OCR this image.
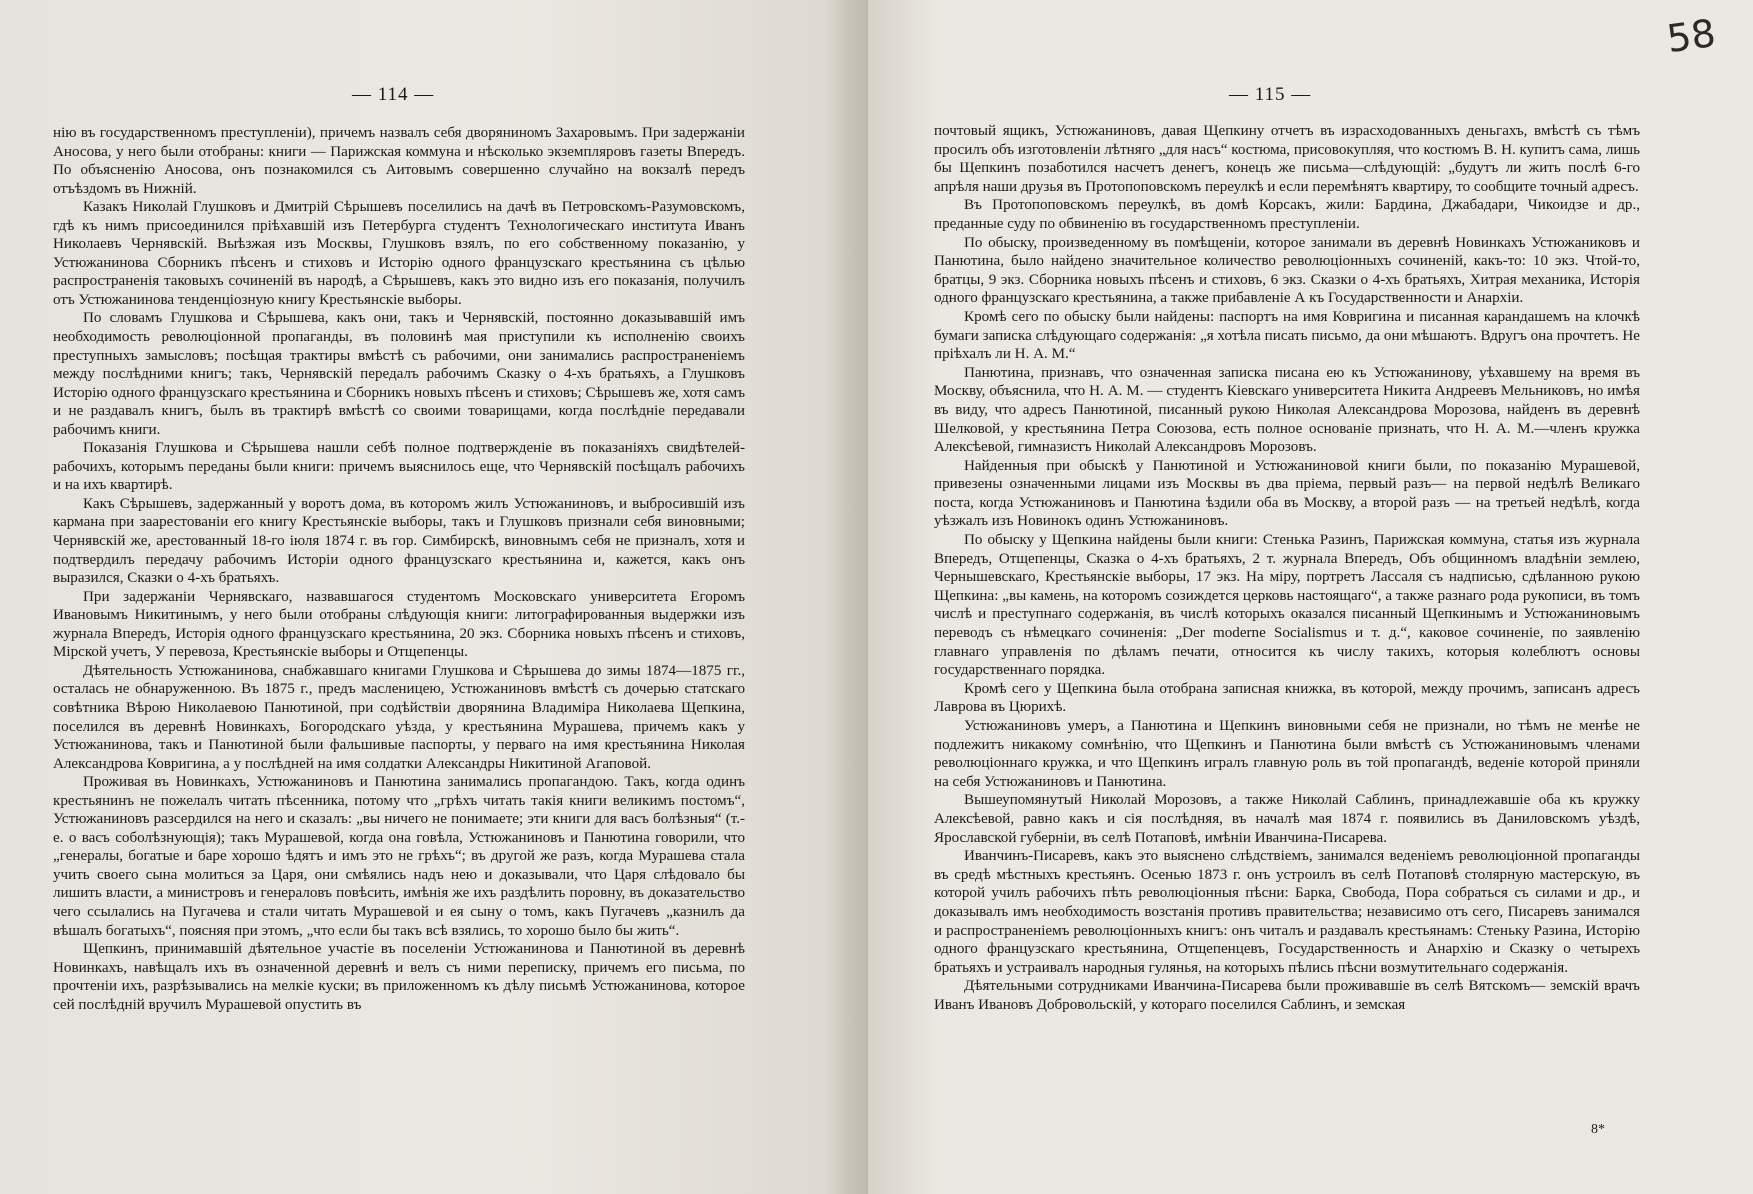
— 114 —

нію въ государственномъ преступленіи), причемъ назвалъ себя дворяниномъ Захаровымъ. При задержаніи Аносова, у него были отобраны: книги — Парижская коммуна и нѣсколько экземпляровъ газеты Впередъ. По объясненію Аносова, онъ познакомился съ Аитовымъ совершенно случайно на вокзалѣ передъ отъѣздомъ въ Нижній.

Казакъ Николай Глушковъ и Дмитрій Сѣрышевъ поселились на дачѣ въ Петровскомъ-Разумовскомъ, гдѣ къ нимъ присоединился пріѣхавшій изъ Петербурга студентъ Технологическаго института Иванъ Николаевъ Чернявскій. Выѣзжая изъ Москвы, Глушковъ взялъ, по его собственному показанію, у Устюжанинова Сборникъ пѣсенъ и стиховъ и Исторію одного французскаго крестьянина съ цѣлью распространенія таковыхъ сочиненій въ народѣ, а Сѣрышевъ, какъ это видно изъ его показанія, получилъ отъ Устюжанинова тенденціозную книгу Крестьянскіе выборы.

По словамъ Глушкова и Сѣрышева, какъ они, такъ и Чернявскій, постоянно доказывавшій имъ необходимость революціонной пропаганды, въ половинѣ мая приступили къ исполненію своихъ преступныхъ замысловъ; посѣщая трактиры вмѣстѣ съ рабочими, они занимались распространеніемъ между послѣдними книгъ; такъ, Чернявскій передалъ рабочимъ Сказку о 4-хъ братьяхъ, а Глушковъ Исторію одного французскаго крестьянина и Сборникъ новыхъ пѣсенъ и стиховъ; Сѣрышевъ же, хотя самъ и не раздавалъ книгъ, былъ въ трактирѣ вмѣстѣ со своими товарищами, когда послѣдніе передавали рабочимъ книги.

Показанія Глушкова и Сѣрышева нашли себѣ полное подтвержденіе въ показаніяхъ свидѣтелей-рабочихъ, которымъ переданы были книги: причемъ выяснилось еще, что Чернявскій посѣщалъ рабочихъ и на ихъ квартирѣ.

Какъ Сѣрышевъ, задержанный у воротъ дома, въ которомъ жилъ Устюжаниновъ, и выбросившій изъ кармана при заарестованіи его книгу Крестьянскіе выборы, такъ и Глушковъ признали себя виновными; Чернявскій же, арестованный 18-го іюля 1874 г. въ гор. Симбирскѣ, виновнымъ себя не призналъ, хотя и подтвердилъ передачу рабочимъ Исторіи одного французскаго крестьянина и, кажется, какъ онъ выразился, Сказки о 4-хъ братьяхъ.

При задержаніи Чернявскаго, назвавшагося студентомъ Московскаго университета Егоромъ Ивановымъ Никитинымъ, у него были отобраны слѣдующія книги: литографированныя выдержки изъ журнала Впередъ, Исторія одного французскаго крестьянина, 20 экз. Сборника новыхъ пѣсенъ и стиховъ, Мірской учетъ, У перевоза, Крестьянскіе выборы и Отщепенцы.

Дѣятельность Устюжанинова, снабжавшаго книгами Глушкова и Сѣрышева до зимы 1874—1875 гг., осталась не обнаруженною. Въ 1875 г., предъ масленицею, Устюжаниновъ вмѣстѣ съ дочерью статскаго совѣтника Вѣрою Николаевою Панютиной, при содѣйствіи дворянина Владиміра Николаева Щепкина, поселился въ деревнѣ Новинкахъ, Богородскаго уѣзда, у крестьянина Мурашева, причемъ какъ у Устюжанинова, такъ и Панютиной были фальшивые паспорты, у перваго на имя крестьянина Николая Александрова Ковригина, а у послѣдней на имя солдатки Александры Никитиной Агаповой.

Проживая въ Новинкахъ, Устюжаниновъ и Панютина занимались пропагандою. Такъ, когда одинъ крестьянинъ не пожелалъ читать пѣсенника, потому что „грѣхъ читать такія книги великимъ постомъ“, Устюжаниновъ разсердился на него и сказалъ: „вы ничего не понимаете; эти книги для васъ болѣзныя“ (т.-е. о васъ соболѣзнующія); такъ Мурашевой, когда она говѣла, Устюжаниновъ и Панютина говорили, что „генералы, богатые и баре хорошо ѣдятъ и имъ это не грѣхъ“; въ другой же разъ, когда Мурашева стала учить своего сына молиться за Царя, они смѣялись надъ нею и доказывали, что Царя слѣдовало бы лишить власти, а министровъ и генераловъ повѣсить, имѣнія же ихъ раздѣлить поровну, въ доказательство чего ссылались на Пугачева и стали читать Мурашевой и ея сыну о томъ, какъ Пугачевъ „казнилъ да вѣшалъ богатыхъ“, поясняя при этомъ, „что если бы такъ всѣ взялись, то хорошо было бы жить“.

Щепкинъ, принимавшій дѣятельное участіе въ поселеніи Устюжанинова и Панютиной въ деревнѣ Новинкахъ, навѣщалъ ихъ въ означенной деревнѣ и велъ съ ними переписку, причемъ его письма, по прочтеніи ихъ, разрѣзывались на мелкіе куски; въ приложенномъ къ дѣлу письмѣ Устюжанинова, которое сей послѣдній вручилъ Мурашевой опустить въ

58
— 115 —

почтовый ящикъ, Устюжаниновъ, давая Щепкину отчетъ въ израсходованныхъ деньгахъ, вмѣстѣ съ тѣмъ просилъ объ изготовленіи лѣтняго „для насъ“ костюма, присовокупляя, что костюмъ В. Н. купитъ сама, лишь бы Щепкинъ позаботился насчетъ денегъ, конецъ же письма—слѣдующій: „будутъ ли жить послѣ 6-го апрѣля наши друзья въ Протопоповскомъ переулкѣ и если перемѣнятъ квартиру, то сообщите точный адресъ.

Въ Протопоповскомъ переулкѣ, въ домѣ Корсакъ, жили: Бардина, Джабадари, Чикоидзе и др., преданные суду по обвиненію въ государственномъ преступленіи.

По обыску, произведенному въ помѣщеніи, которое занимали въ деревнѣ Новинкахъ Устюжаниковъ и Панютина, было найдено значительное количество революціонныхъ сочиненій, какъ-то: 10 экз. Чтой-то, братцы, 9 экз. Сборника новыхъ пѣсенъ и стиховъ, 6 экз. Сказки о 4-хъ братьяхъ, Хитрая механика, Исторія одного французскаго крестьянина, а также прибавленіе А къ Государственности и Анархіи.

Кромѣ сего по обыску были найдены: паспортъ на имя Ковригина и писанная карандашемъ на клочкѣ бумаги записка слѣдующаго содержанія: „я хотѣла писать письмо, да они мѣшаютъ. Вдругъ она прочтетъ. Не пріѣхалъ ли Н. А. М.“

Панютина, признавъ, что означенная записка писана ею къ Устюжанинову, уѣхавшему на время въ Москву, объяснила, что Н. А. М. — студентъ Кіевскаго университета Никита Андреевъ Мельниковъ, но имѣя въ виду, что адресъ Панютиной, писанный рукою Николая Александрова Морозова, найденъ въ деревнѣ Шелковой, у крестьянина Петра Союзова, есть полное основаніе признать, что Н. А. М.—членъ кружка Алексѣевой, гимназистъ Николай Александровъ Морозовъ.

Найденныя при обыскѣ у Панютиной и Устюжаниновой книги были, по показанію Мурашевой, привезены означенными лицами изъ Москвы въ два пріема, первый разъ— на первой недѣлѣ Великаго поста, когда Устюжаниновъ и Панютина ѣздили оба въ Москву, а второй разъ — на третьей недѣлѣ, когда уѣзжалъ изъ Новинокъ одинъ Устюжаниновъ.

По обыску у Щепкина найдены были книги: Стенька Разинъ, Парижская коммуна, статья изъ журнала Впередъ, Отщепенцы, Сказка о 4-хъ братьяхъ, 2 т. журнала Впередъ, Объ общинномъ владѣніи землею, Чернышевскаго, Крестьянскіе выборы, 17 экз. На міру, портретъ Лассаля съ надписью, сдѣланною рукою Щепкина: „вы камень, на которомъ созиждется церковь настоящаго“, а также разнаго рода рукописи, въ томъ числѣ и преступнаго содержанія, въ числѣ которыхъ оказался писанный Щепкинымъ и Устюжаниновымъ переводъ съ нѣмецкаго сочиненія: „Der moderne Socialismus и т. д.“, каковое сочиненіе, по заявленію главнаго управленія по дѣламъ печати, относится къ числу такихъ, которыя колеблютъ основы государственнаго порядка.

Кромѣ сего у Щепкина была отобрана записная книжка, въ которой, между прочимъ, записанъ адресъ Лаврова въ Цюрихѣ.

Устюжаниновъ умеръ, а Панютина и Щепкинъ виновными себя не признали, но тѣмъ не менѣе не подлежитъ никакому сомнѣнію, что Щепкинъ и Панютина были вмѣстѣ съ Устюжаниновымъ членами революціоннаго кружка, и что Щепкинъ игралъ главную роль въ той пропагандѣ, веденіе которой приняли на себя Устюжаниновъ и Панютина.

Вышеупомянутый Николай Морозовъ, а также Николай Саблинъ, принадлежавшіе оба къ кружку Алексѣевой, равно какъ и сія послѣдняя, въ началѣ мая 1874 г. появились въ Даниловскомъ уѣздѣ, Ярославской губерніи, въ селѣ Потаповѣ, имѣніи Иванчина-Писарева.

Иванчинъ-Писаревъ, какъ это выяснено слѣдствіемъ, занимался веденіемъ революціонной пропаганды въ средѣ мѣстныхъ крестьянъ. Осенью 1873 г. онъ устроилъ въ селѣ Потаповѣ столярную мастерскую, въ которой училъ рабочихъ пѣть революціонныя пѣсни: Барка, Свобода, Пора собраться съ силами и др., и доказывалъ имъ необходимость возстанія противъ правительства; независимо отъ сего, Писаревъ занимался и распространеніемъ революціонныхъ книгъ: онъ читалъ и раздавалъ крестьянамъ: Стеньку Разина, Исторію одного французскаго крестьянина, Отщепенцевъ, Государственность и Анархію и Сказку о четырехъ братьяхъ и устраивалъ народныя гулянья, на которыхъ пѣлись пѣсни возмутительнаго содержанія.

Дѣятельными сотрудниками Иванчина-Писарева были проживавшіе въ селѣ Вятскомъ— земскій врачъ Иванъ Ивановъ Добровольскій, у котораго поселился Саблинъ, и земская

8*
